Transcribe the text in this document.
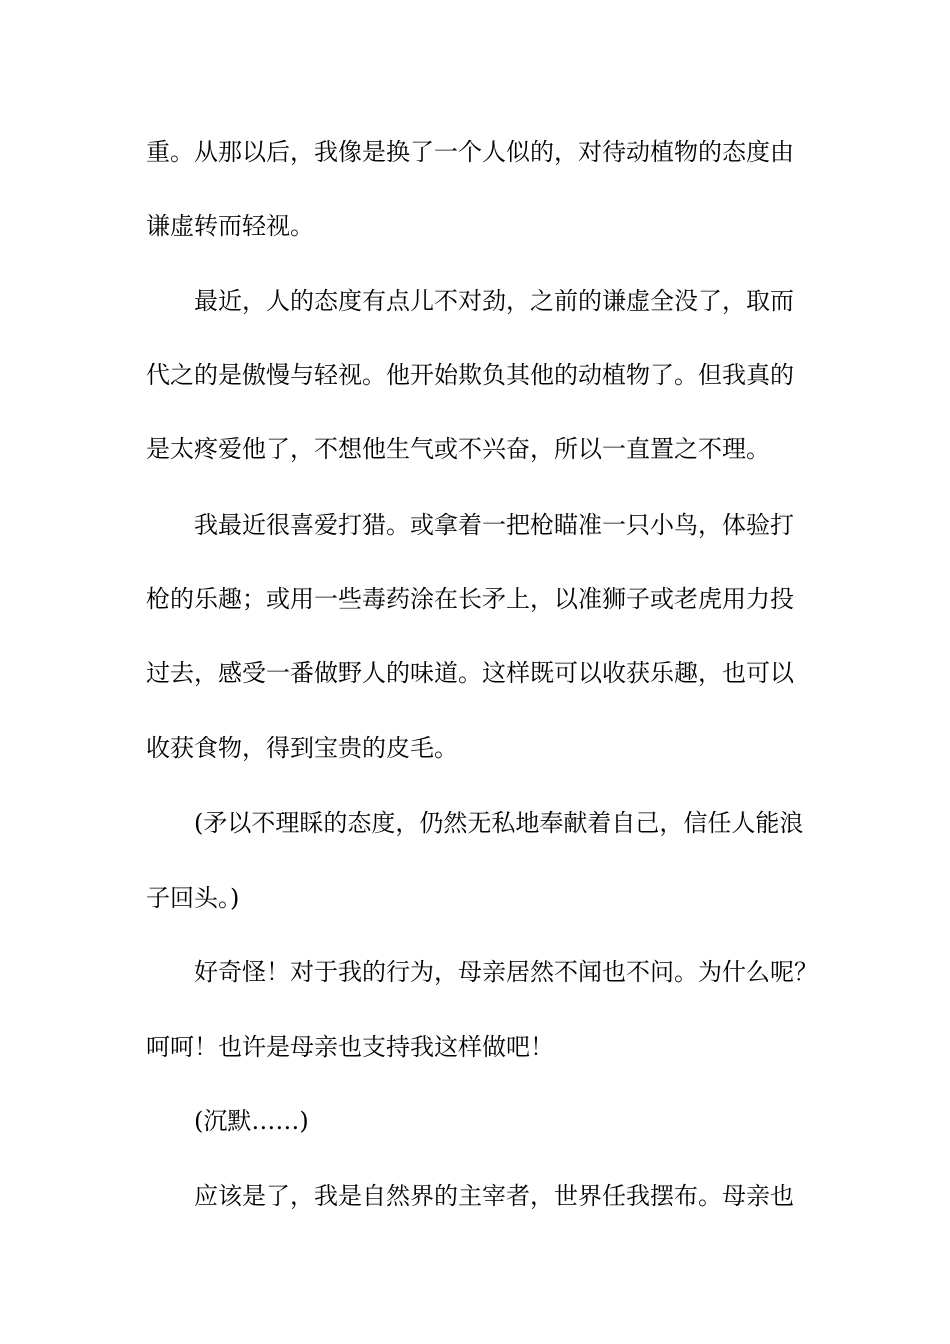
重。从那以后，我像是换了一个人似的，对待动植物的态度由
谦虚转而轻视。
最近，人的态度有点儿不对劲，之前的谦虚全没了，取而
代之的是傲慢与轻视。他开始欺负其他的动植物了。但我真的
是太疼爱他了，不想他生气或不兴奋，所以一直置之不理。
我最近很喜爱打猎。或拿着一把枪瞄准一只小鸟，体验打
枪的乐趣；或用一些毒药涂在长矛上，以准狮子或老虎用力投
过去，感受一番做野人的味道。这样既可以收获乐趣，也可以
收获食物，得到宝贵的皮毛。
(矛以不理睬的态度，仍然无私地奉献着自己，信任人能浪
子回头。)
好奇怪！对于我的行为，母亲居然不闻也不问。为什么呢？
呵呵！也许是母亲也支持我这样做吧！
(沉默……)
应该是了，我是自然界的主宰者，世界任我摆布。母亲也
